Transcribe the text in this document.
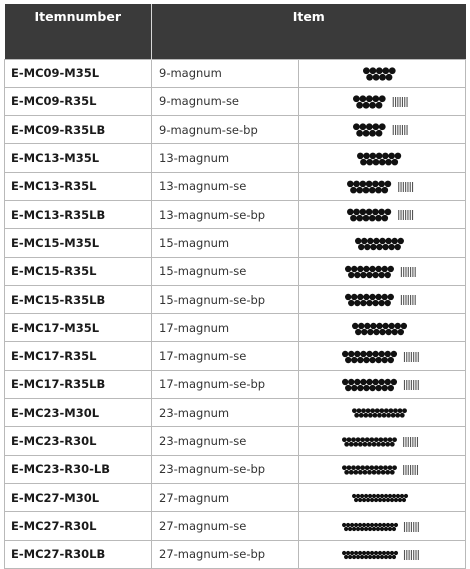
Itemnumber	Item	
E-MC09-M35L	9-magnum	
E-MC09-R35L	9-magnum-se	
E-MC09-R35LB	9-magnum-se-bp	
E-MC13-M35L	13-magnum	
E-MC13-R35L	13-magnum-se	
E-MC13-R35LB	13-magnum-se-bp	
E-MC15-M35L	15-magnum	
E-MC15-R35L	15-magnum-se	
E-MC15-R35LB	15-magnum-se-bp	
E-MC17-M35L	17-magnum	
E-MC17-R35L	17-magnum-se	
E-MC17-R35LB	17-magnum-se-bp	
E-MC23-M30L	23-magnum	
E-MC23-R30L	23-magnum-se	
E-MC23-R30-LB	23-magnum-se-bp	
E-MC27-M30L	27-magnum	
E-MC27-R30L	27-magnum-se	
E-MC27-R30LB	27-magnum-se-bp	
